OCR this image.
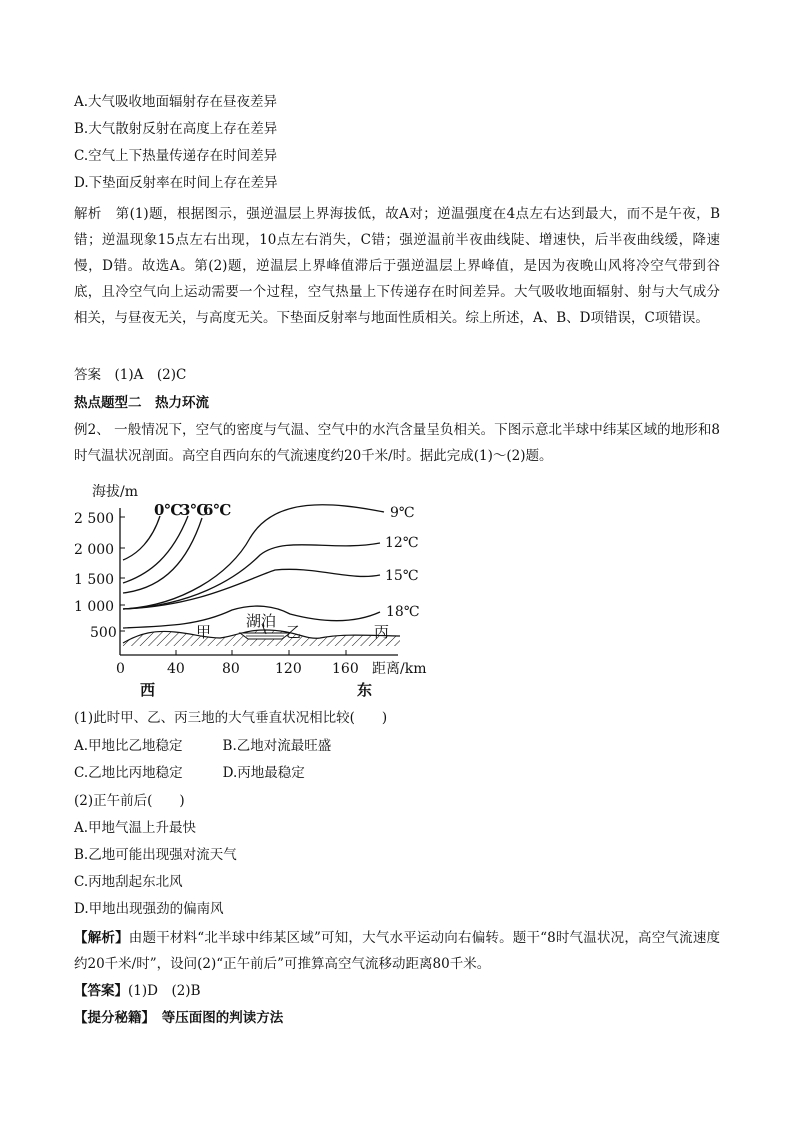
A.大气吸收地面辐射存在昼夜差异
B.大气散射反射在高度上存在差异
C.空气上下热量传递存在时间差异
D.下垫面反射率在时间上存在差异
解析　第(1)题，根据图示，强逆温层上界海拔低，故A对；逆温强度在4点左右达到最大，而不是午夜，B错；逆温现象15点左右出现，10点左右消失，C错；强逆温前半夜曲线陡、增速快，后半夜曲线缓，降速慢，D错。故选A。第(2)题，逆温层上界峰值滞后于强逆温层上界峰值，是因为夜晚山风将冷空气带到谷底，且冷空气向上运动需要一个过程，空气热量上下传递存在时间差异。大气吸收地面辐射、射与大气成分相关，与昼夜无关，与高度无关。下垫面反射率与地面性质相关。综上所述，A、B、D项错误，C项错误。
答案　(1)A　(2)C
热点题型二　热力环流
例2、 一般情况下，空气的密度与气温、空气中的水汽含量呈负相关。下图示意北半球中纬某区域的地形和8时气温状况剖面。高空自西向东的气流速度约20千米/时。据此完成(1)～(2)题。
海拔/m
2 500
2 000
1 500
1 000
500
0	40	80	120 160 距离/km
西	东
0℃
3℃
6℃	9℃
12℃
15℃
18℃
甲
湖泊
乙	丙
(1)此时甲、乙、丙三地的大气垂直状况相比较(　　)
A.甲地比乙地稳定	B.乙地对流最旺盛
C.乙地比丙地稳定	D.丙地最稳定
(2)正午前后(　　)
A.甲地气温上升最快
B.乙地可能出现强对流天气
C.丙地刮起东北风
D.甲地出现强劲的偏南风
【解析】由题干材料“北半球中纬某区域”可知，大气水平运动向右偏转。题干“8时气温状况，高空气流速度约20千米/时”，设问(2)“正午前后”可推算高空气流移动距离80千米。
【答案】(1)D　(2)B
【提分秘籍】　等压面图的判读方法
